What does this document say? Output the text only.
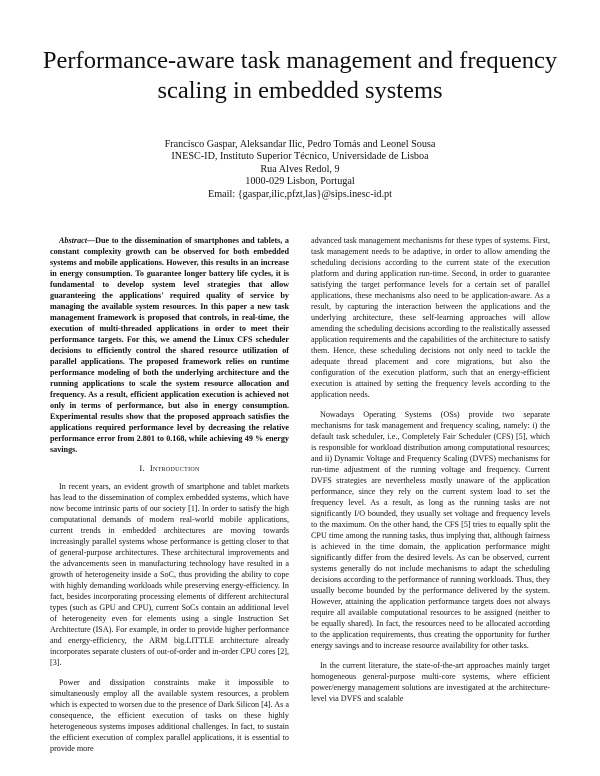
Performance-aware task management and frequency scaling in embedded systems
Francisco Gaspar, Aleksandar Ilic, Pedro Tomás and Leonel Sousa
INESC-ID, Instituto Superior Técnico, Universidade de Lisboa
Rua Alves Redol, 9
1000-029 Lisbon, Portugal
Email: {gaspar,ilic,pfzt,las}@sips.inesc-id.pt
Abstract—Due to the dissemination of smartphones and tablets, a constant complexity growth can be observed for both embedded systems and mobile applications. However, this results in an increase in energy consumption. To guarantee longer battery life cycles, it is fundamental to develop system level strategies that allow guaranteeing the applications' required quality of service by managing the available system resources. In this paper a new task management framework is proposed that controls, in real-time, the execution of multi-threaded applications in order to meet their performance targets. For this, we amend the Linux CFS scheduler decisions to efficiently control the shared resource utilization of parallel applications. The proposed framework relies on runtime performance modeling of both the underlying architecture and the running applications to scale the system resource allocation and frequency. As a result, efficient application execution is achieved not only in terms of performance, but also in energy consumption. Experimental results show that the proposed approach satisfies the applications required performance level by decreasing the relative performance error from 2.801 to 0.168, while achieving 49 % energy savings.
I. Introduction

In recent years, an evident growth of smartphone and tablet markets has lead to the dissemination of complex embedded systems, which have now become intrinsic parts of our society [1]. In order to satisfy the high computational demands of modern real-world mobile applications, current trends in embedded architectures are moving towards increasingly parallel systems whose performance is getting closer to that of general-purpose architectures. These architectural improvements and the advancements seen in manufacturing technology have resulted in a growth of heterogeneity inside a SoC, thus providing the ability to cope with highly demanding workloads while preserving energy-efficiency. In fact, besides incorporating processing elements of different architectural types (such as GPU and CPU), current SoCs contain an additional level of heterogeneity even for elements using a single Instruction Set Architecture (ISA). For example, in order to provide higher performance and energy-efficiency, the ARM big.LITTLE architecture already incorporates separate clusters of out-of-order and in-order CPU cores [2], [3].

Power and dissipation constraints make it impossible to simultaneously employ all the available system resources, a problem which is expected to worsen due to the presence of Dark Silicon [4]. As a consequence, the efficient execution of tasks on these highly heterogeneous systems imposes additional challenges. In fact, to sustain the efficient execution of complex parallel applications, it is essential to provide more

advanced task management mechanisms for these types of systems. First, task management needs to be adaptive, in order to allow amending the scheduling decisions according to the current state of the execution platform and during application run-time. Second, in order to guarantee satisfying the target performance levels for a certain set of parallel applications, these mechanisms also need to be application-aware. As a result, by capturing the interaction between the applications and the underlying architecture, these self-learning approaches will allow amending the scheduling decisions according to the realistically assessed application requirements and the capabilities of the architecture to satisfy them. Hence, these scheduling decisions not only need to tackle the adequate thread placement and core migrations, but also the configuration of the execution platform, such that an energy-efficient execution is attained by setting the frequency levels according to the application needs.

Nowadays Operating Systems (OSs) provide two separate mechanisms for task management and frequency scaling, namely: i) the default task scheduler, i.e., Completely Fair Scheduler (CFS) [5], which is responsible for workload distribution among computational resources; and ii) Dynamic Voltage and Frequency Scaling (DVFS) mechanisms for run-time adjustment of the running voltage and frequency. Current DVFS strategies are nevertheless mostly unaware of the application performance, since they rely on the current system load to set the frequency level. As a result, as long as the running tasks are not significantly I/O bounded, they usually set voltage and frequency levels to the maximum. On the other hand, the CFS [5] tries to equally split the CPU time among the running tasks, thus implying that, although fairness is achieved in the time domain, the application performance might significantly differ from the desired levels. As can be observed, current systems generally do not include mechanisms to adapt the scheduling decisions according to the performance of running workloads. Thus, they usually become bounded by the performance delivered by the system. However, attaining the application performance targets does not always require all available computational resources to be assigned (neither to be equally shared). In fact, the resources need to be allocated according to the application requirements, thus creating the opportunity for further energy savings and to increase resource availability for other tasks.

In the current literature, the state-of-the-art approaches mainly target homogeneous general-purpose multi-core systems, where efficient power/energy management solutions are investigated at the architecture-level via DVFS and scalable
